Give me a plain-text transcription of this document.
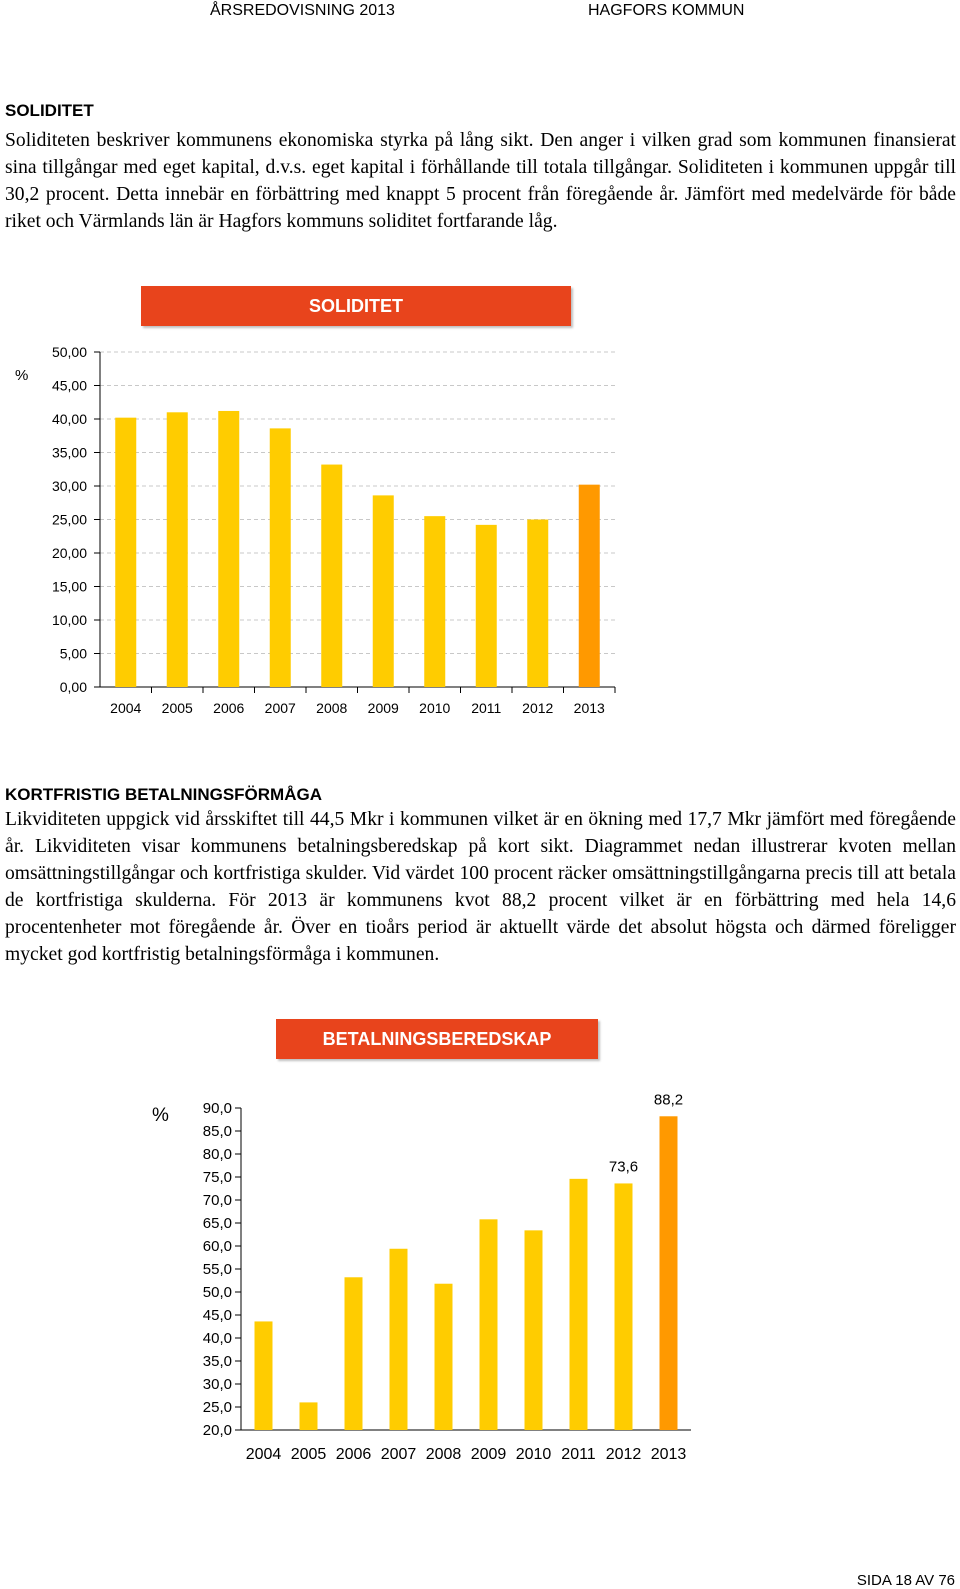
ÅRSREDOVISNING 2013	HAGFORS KOMMUN
SOLIDITET

Soliditeten beskriver kommunens ekonomiska styrka på lång sikt. Den anger i vilken grad som kommunen finansierat sina tillgångar med eget kapital, d.v.s. eget kapital i förhållande till totala tillgångar. Soliditeten i kommunen uppgår till 30,2 procent. Detta innebär en förbättring med knappt 5 procent från föregående år. Jämfört med medelvärde för både riket och Värmlands län är Hagfors kommuns soliditet fortfarande låg.

SOLIDITET
%
0,00
5,00
10,00
15,00
20,00
25,00
30,00
35,00
40,00
45,00
50,00
2004 2005 2006 2007 2008 2009 2010 2011 2012 2013
KORTFRISTIG BETALNINGSFÖRMÅGA

Likviditeten uppgick vid årsskiftet till 44,5 Mkr i kommunen vilket är en ökning med 17,7 Mkr jämfört med föregående år. Likviditeten visar kommunens betalningsberedskap på kort sikt. Diagrammet nedan illustrerar kvoten mellan omsättningstillgångar och kortfristiga skulder. Vid värdet 100 procent räcker omsättningstillgångarna precis till att betala de kortfristiga skulderna. För 2013 är kommunens kvot 88,2 procent vilket är en förbättring med hela 14,6 procentenheter mot föregående år. Över en tioårs period är aktuellt värde det absolut högsta och därmed föreligger mycket god kortfristig betalningsförmåga i kommunen.

BETALNINGSBEREDSKAP
%
20,0
25,0
30,0
35,0
40,0
45,0
50,0
55,0
60,0
65,0
70,0
75,0
80,0
85,0
90,0
2004 2005 2006 2007 2008 2009 2010 2011 2012
73,6
2013
88,2
SIDA 18 AV 76
